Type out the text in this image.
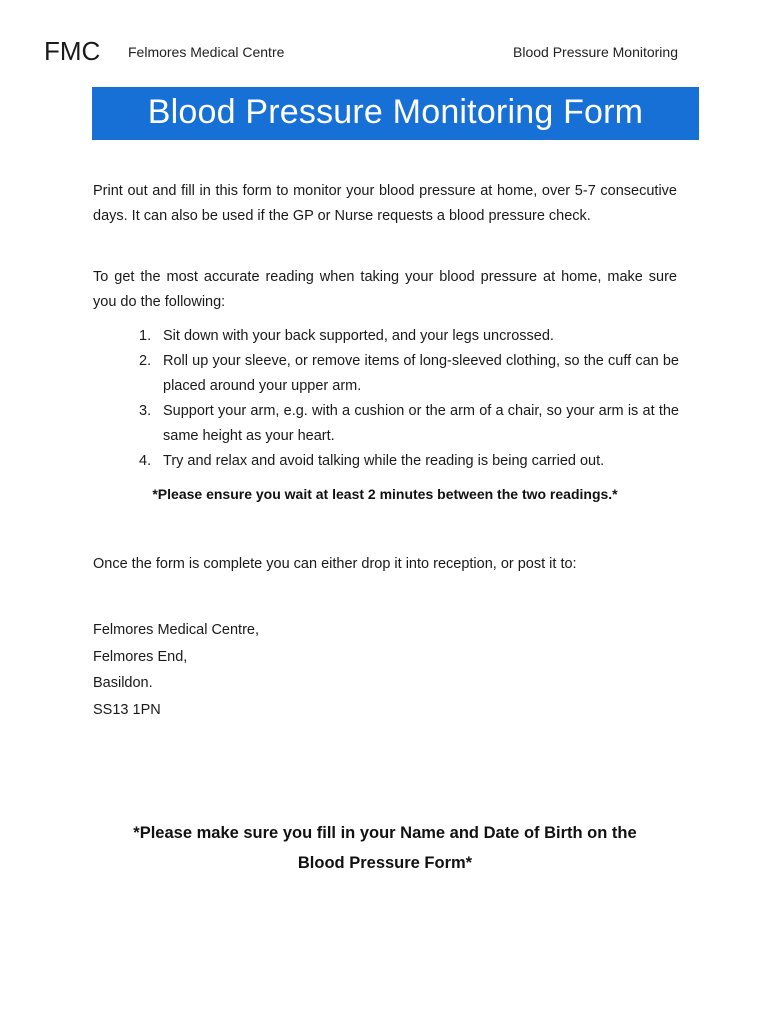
FMC Felmores Medical Centre	Blood Pressure Monitoring
Blood Pressure Monitoring Form

Print out and fill in this form to monitor your blood pressure at home, over 5-7 consecutive days. It can also be used if the GP or Nurse requests a blood pressure check.

To get the most accurate reading when taking your blood pressure at home, make sure you do the following:

1. Sit down with your back supported, and your legs uncrossed.
2. Roll up your sleeve, or remove items of long-sleeved clothing, so the cuff can be placed around your upper arm.
3. Support your arm, e.g. with a cushion or the arm of a chair, so your arm is at the same height as your heart.
4. Try and relax and avoid talking while the reading is being carried out.
*Please ensure you wait at least 2 minutes between the two readings.*
Once the form is complete you can either drop it into reception, or post it to:
Felmores Medical Centre,
Felmores End,
Basildon.
SS13 1PN
*Please make sure you fill in your Name and Date of Birth on the
Blood Pressure Form*
